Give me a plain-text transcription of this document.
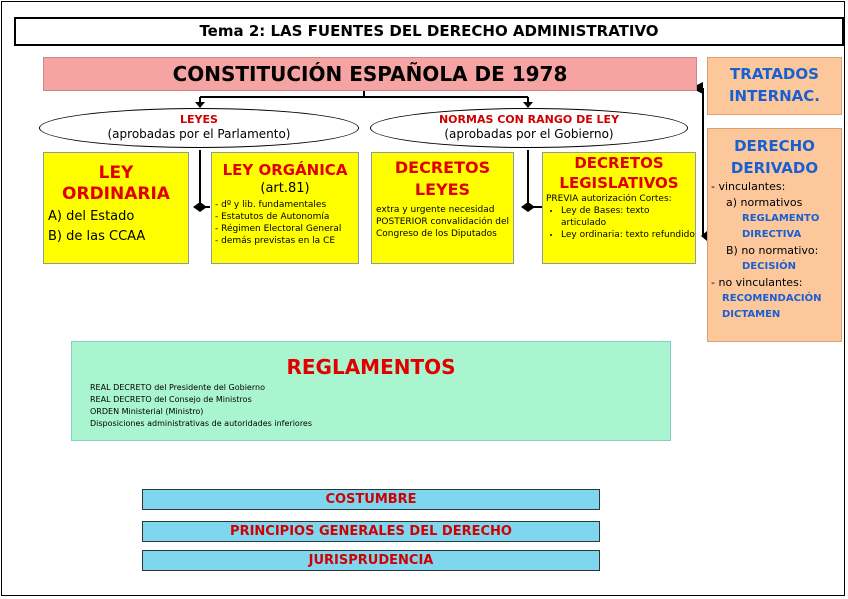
Tema 2: LAS FUENTES DEL DERECHO ADMINISTRATIVO
CONSTITUCIÓN ESPAÑOLA DE 1978
LEYES
(aprobadas por el Parlamento)
NORMAS CON RANGO DE LEY
(aprobadas por el Gobierno)
LEY
ORDINARIA
A) del Estado
B) de las CCAA
LEY ORGÁNICA
(art.81)
- dº y lib. fundamentales
- Estatutos de Autonomía
- Régimen Electoral General
- demás previstas en la CE
DECRETOS
LEYES
extra y urgente necesidad POSTERIOR convalidación del Congreso de los Diputados
DECRETOS
LEGISLATIVOS
PREVIA autorización Cortes:
• Ley de Bases: texto articulado
• Ley ordinaria: texto refundido
TRATADOS
INTERNAC.
DERECHO
DERIVADO
- vinculantes:
a) normativos
REGLAMENTO
DIRECTIVA
B) no normativo:
DECISIÓN
- no vinculantes:
RECOMENDACIÓN
DICTAMEN
REGLAMENTOS
REAL DECRETO del Presidente del Gobierno
REAL DECRETO del Consejo de Ministros
ORDEN Ministerial (Ministro)
Disposiciones administrativas de autoridades inferiores
COSTUMBRE
PRINCIPIOS GENERALES DEL DERECHO
JURISPRUDENCIA
